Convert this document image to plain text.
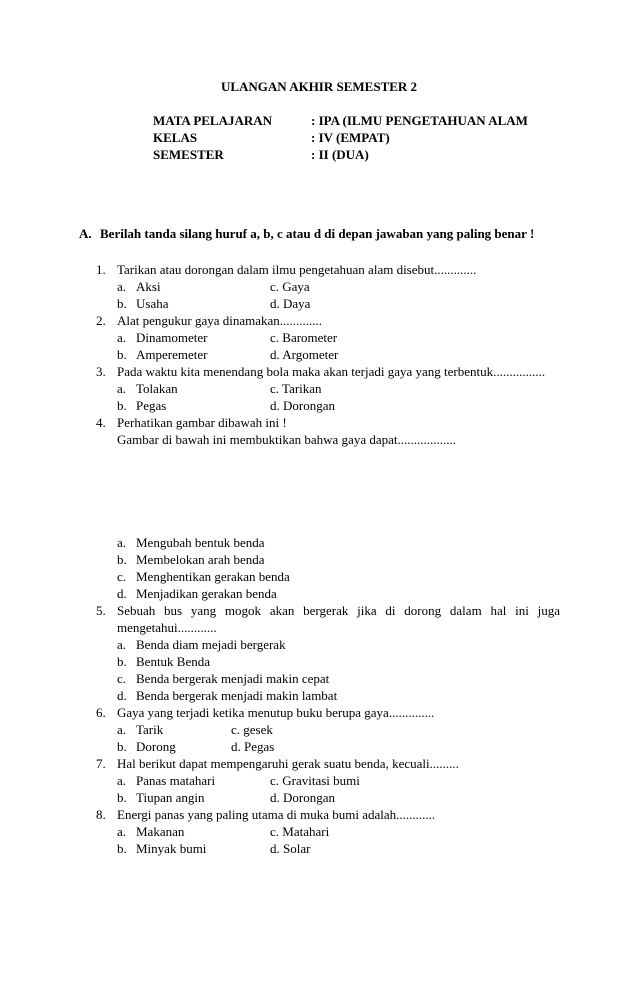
ULANGAN AKHIR SEMESTER 2
MATA PELAJARAN	: IPA (ILMU PENGETAHUAN ALAM
KELAS	: IV (EMPAT)
SEMESTER	: II (DUA)
A. Berilah tanda silang huruf a, b, c atau d di depan jawaban yang paling benar !
1. Tarikan atau dorongan dalam ilmu pengetahuan alam disebut.............
a. Aksi	c. Gaya
b. Usaha	d. Daya
2. Alat pengukur gaya dinamakan.............
a. Dinamometer	c. Barometer
b. Amperemeter	d. Argometer
3. Pada waktu kita menendang bola maka akan terjadi gaya yang terbentuk................
a. Tolakan	c. Tarikan
b. Pegas	d. Dorongan
4. Perhatikan gambar dibawah ini !
Gambar di bawah ini membuktikan bahwa gaya dapat..................
a. Mengubah bentuk benda
b. Membelokan arah benda
c. Menghentikan gerakan benda
d. Menjadikan gerakan benda
5. Sebuah bus yang mogok akan bergerak jika di dorong dalam hal ini juga
mengetahui............
a. Benda diam mejadi bergerak
b. Bentuk Benda
c. Benda bergerak menjadi makin cepat
d. Benda bergerak menjadi makin lambat
6. Gaya yang terjadi ketika menutup buku berupa gaya..............
a. Tarik	c. gesek
b. Dorong	d. Pegas
7. Hal berikut dapat mempengaruhi gerak suatu benda, kecuali.........
a. Panas matahari	c. Gravitasi bumi
b. Tiupan angin	d. Dorongan
8. Energi panas yang paling utama di muka bumi adalah............
a. Makanan	c. Matahari
b. Minyak bumi	d. Solar
